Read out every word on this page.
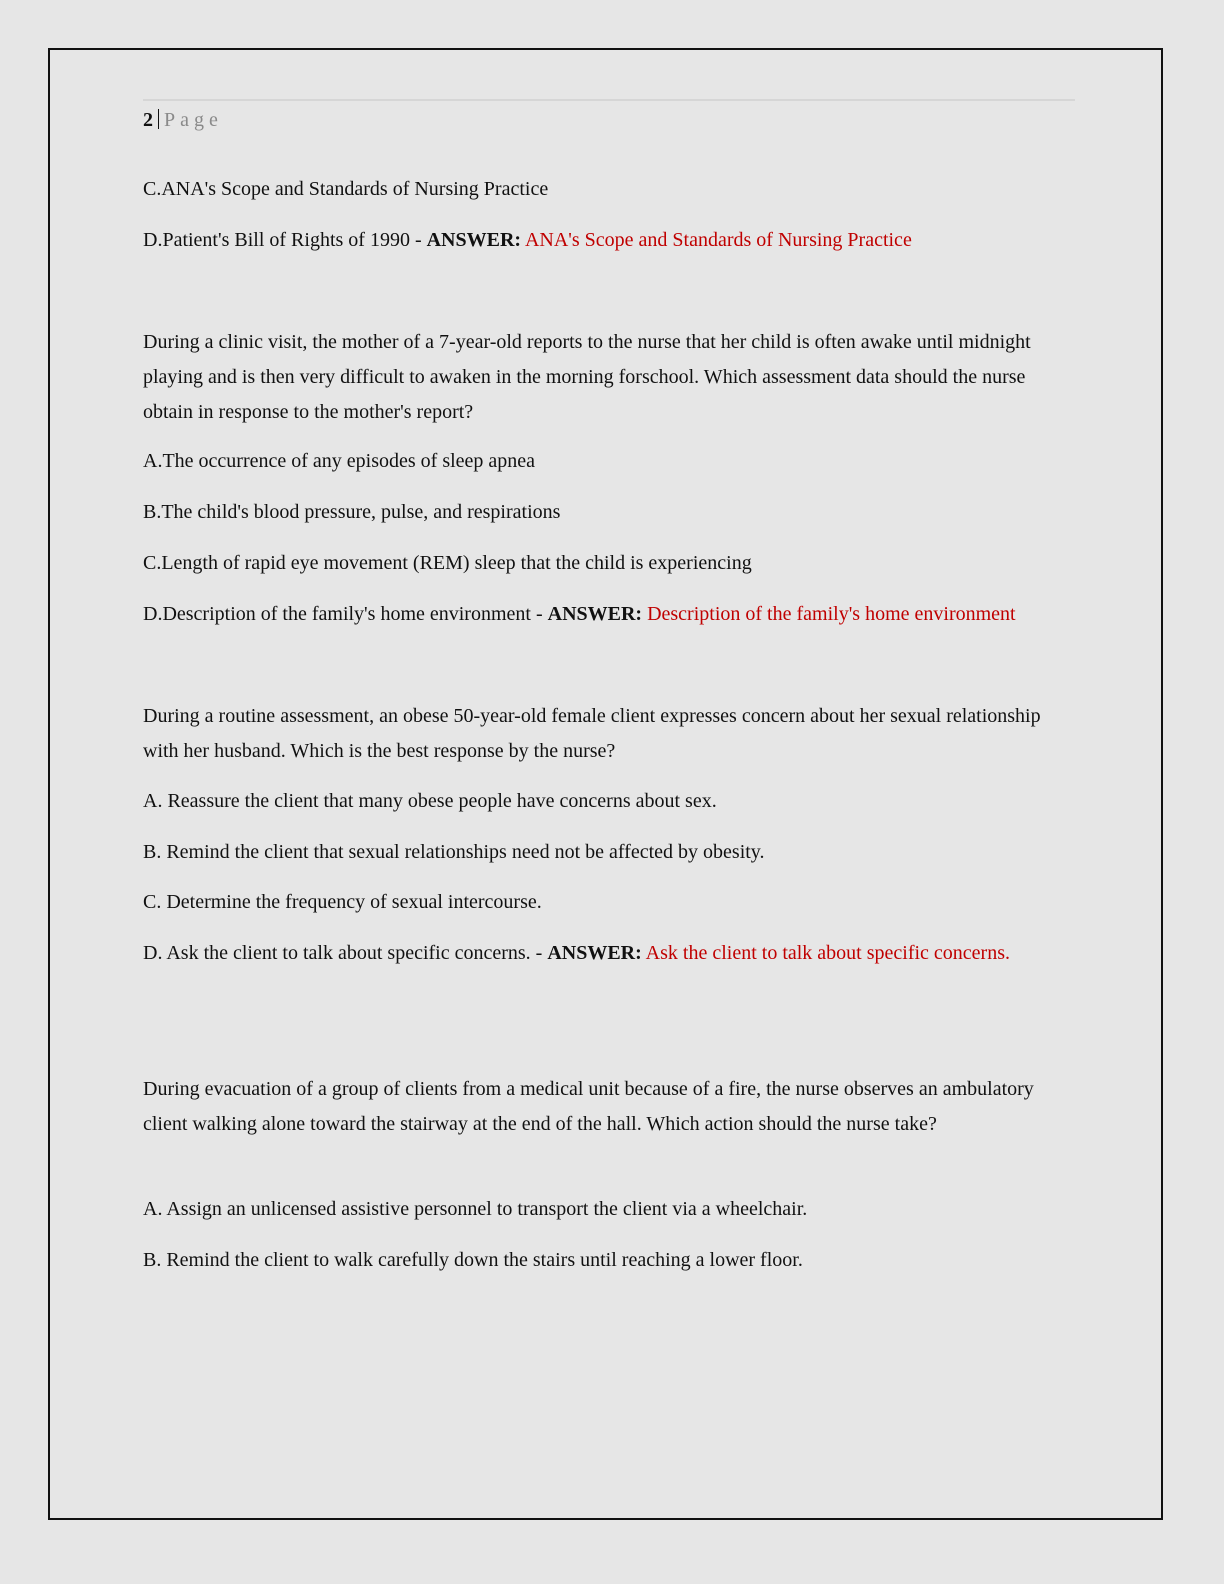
2 Page
C.ANA's Scope and Standards of Nursing Practice
D.Patient's Bill of Rights of 1990 - ANSWER: ANA's Scope and Standards of Nursing Practice
During a clinic visit, the mother of a 7-year-old reports to the nurse that her child is often awake until midnight playing and is then very difficult to awaken in the morning forschool. Which assessment data should the nurse obtain in response to the mother's report?
A.The occurrence of any episodes of sleep apnea
B.The child's blood pressure, pulse, and respirations
C.Length of rapid eye movement (REM) sleep that the child is experiencing
D.Description of the family's home environment - ANSWER: Description of the family's home environment
During a routine assessment, an obese 50-year-old female client expresses concern about her sexual relationship with her husband. Which is the best response by the nurse?
A. Reassure the client that many obese people have concerns about sex.
B. Remind the client that sexual relationships need not be affected by obesity.
C. Determine the frequency of sexual intercourse.
D. Ask the client to talk about specific concerns. - ANSWER: Ask the client to talk about specific concerns.
During evacuation of a group of clients from a medical unit because of a fire, the nurse observes an ambulatory client walking alone toward the stairway at the end of the hall. Which action should the nurse take?
A. Assign an unlicensed assistive personnel to transport the client via a wheelchair.
B. Remind the client to walk carefully down the stairs until reaching a lower floor.
